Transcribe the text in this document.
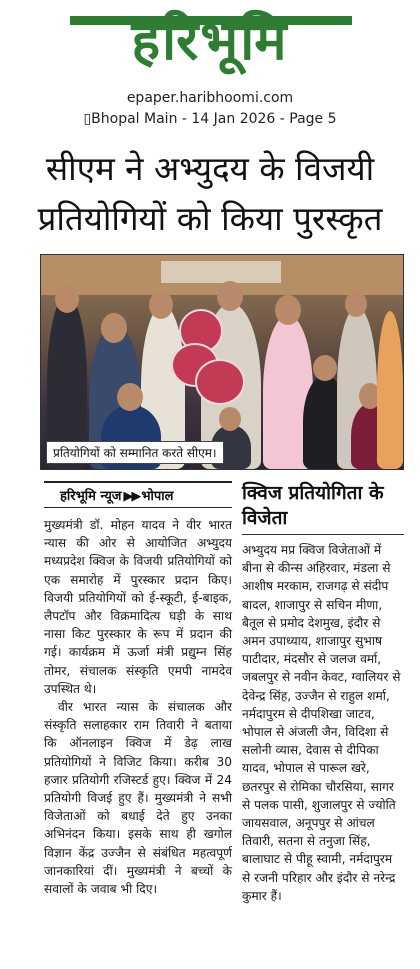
हरिभूमि
epaper.haribhoomi.com
▯Bhopal Main - 14 Jan 2026 - Page 5
सीएम ने अभ्युदय के विजयी प्रतियोगियों को किया पुरस्कृत
प्रतियोगियों को सम्मानित करते सीएम।
हरिभूमि न्यूज ▶▶ भोपाल

मुख्यमंत्री डॉ. मोहन यादव ने वीर भारत न्यास की ओर से आयोजित अभ्युदय मध्यप्रदेश क्विज के विजयी प्रतियोगियों को एक समारोह में पुरस्कार प्रदान किए। विजयी प्रतियोगियों को ई-स्कूटी, ई-बाइक, लैपटॉप और विक्रमादित्य घड़ी के साथ नासा किट पुरस्कार के रूप में प्रदान की गई। कार्यक्रम में ऊर्जा मंत्री प्रद्युम्न सिंह तोमर, संचालक संस्कृति एमपी नामदेव उपस्थित थे।

वीर भारत न्यास के संचालक और संस्कृति सलाहकार राम तिवारी ने बताया कि ऑनलाइन क्विज में डेढ़ लाख प्रतियोगियों ने विजिट किया। करीब 30 हजार प्रतियोगी रजिस्टर्ड हुए। क्विज में 24 प्रतियोगी विजई हुए हैं। मुख्यमंत्री ने सभी विजेताओं को बधाई देते हुए उनका अभिनंदन किया। इसके साथ ही खगोल विज्ञान केंद्र उज्जैन से संबंधित महत्वपूर्ण जानकारियां दीं। मुख्यमंत्री ने बच्चों के सवालों के जवाब भी दिए।

क्विज प्रतियोगिता के विजेता
अभ्युदय मप्र क्विज विजेताओं में बीना से कीन्स अहिरवार, मंडला से आशीष मरकाम, राजगढ़ से संदीप बादल, शाजापुर से सचिन मीणा, बैतूल से प्रमोद देशमुख, इंदौर से अमन उपाध्याय, शाजापुर सुभाष पाटीदार, मंदसौर से जलज वर्मा, जबलपुर से नवीन केवट, ग्वालियर से देवेन्द्र सिंह, उज्जैन से राहुल शर्मा, नर्मदापुरम से दीपशिखा जाटव, भोपाल से अंजली जैन, विदिशा से सलोनी व्यास, देवास से दीपिका यादव, भोपाल से पारूल खरे, छतरपुर से रोमिका चौरसिया, सागर से पलक पासी, शुजालपुर से ज्योति जायसवाल, अनूपपुर से आंचल तिवारी, सतना से तनुजा सिंह, बालाघाट से पीहू स्वामी, नर्मदापुरम से रजनी परिहार और इंदौर से नरेन्द्र कुमार हैं।
